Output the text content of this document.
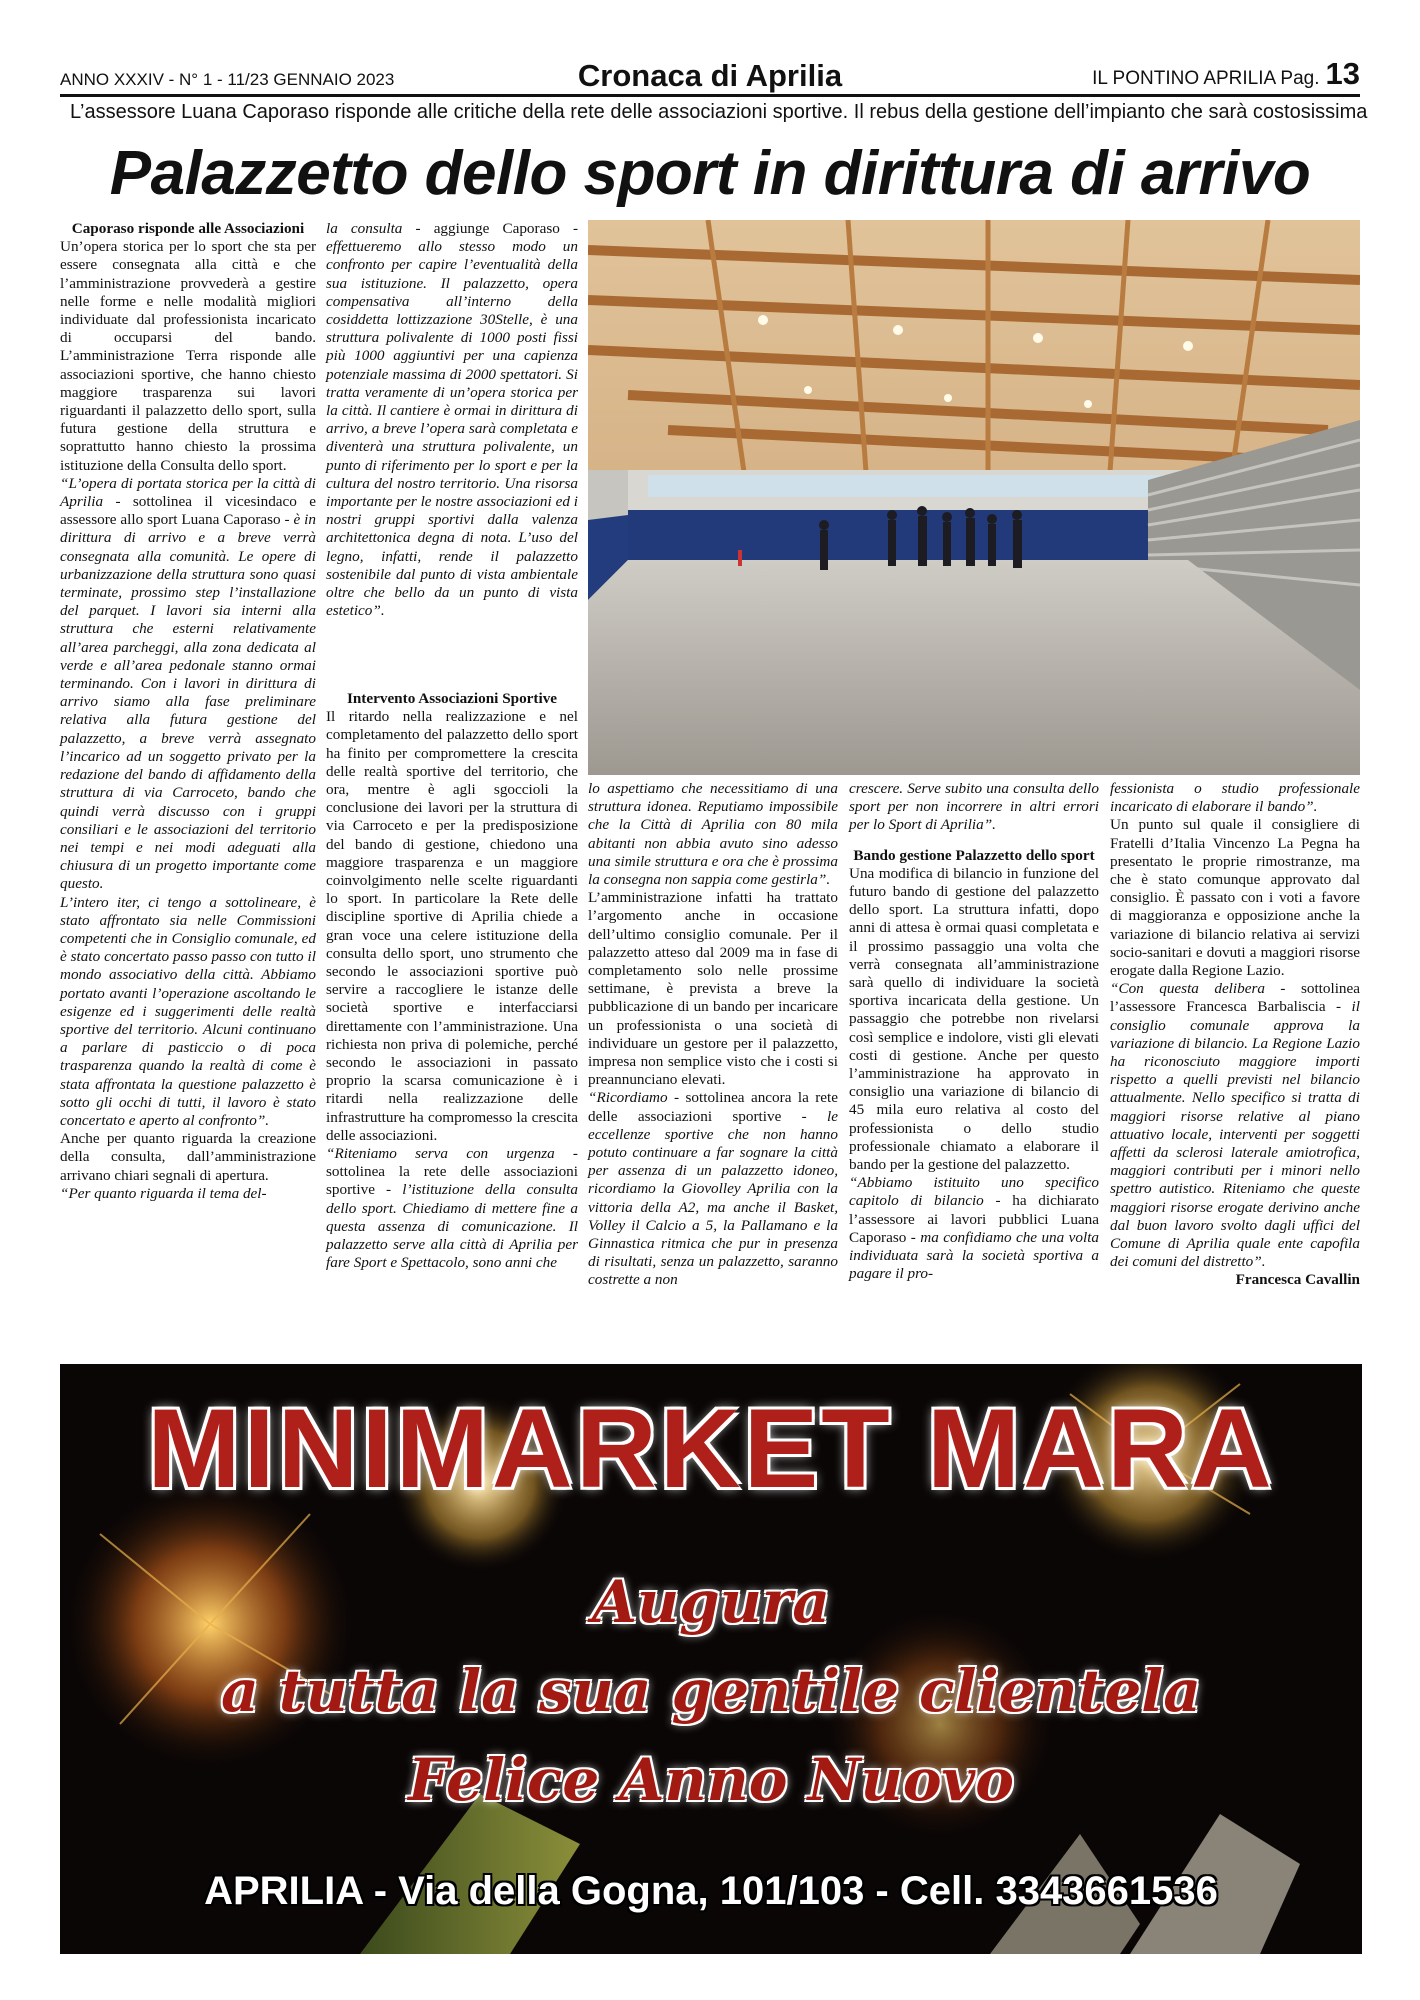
ANNO XXXIV - N° 1 - 11/23 GENNAIO 2023	Cronaca di Aprilia	IL PONTINO APRILIA Pag. 13
L’assessore Luana Caporaso risponde alle critiche della rete delle associazioni sportive. Il rebus della gestione dell’impianto che sarà costosissima
Palazzetto dello sport in dirittura di arrivo

Caporaso risponde alle Associazioni

Un’opera storica per lo sport che sta per essere consegnata alla città e che l’amministrazione provvederà a gestire nelle forme e nelle modalità migliori individuate dal professionista incaricato di occuparsi del bando. L’amministrazione Terra risponde alle associazioni sportive, che hanno chiesto maggiore trasparenza sui lavori riguardanti il palazzetto dello sport, sulla futura gestione della struttura e soprattutto hanno chiesto la prossima istituzione della Consulta dello sport.

“L’opera di portata storica per la città di Aprilia - sottolinea il vicesindaco e assessore allo sport Luana Caporaso - è in dirittura di arrivo e a breve verrà consegnata alla comunità. Le opere di urbanizzazione della struttura sono quasi terminate, prossimo step l’installazione del parquet. I lavori sia interni alla struttura che esterni relativamente all’area parcheggi, alla zona dedicata al verde e all’area pedonale stanno ormai terminando. Con i lavori in dirittura di arrivo siamo alla fase preliminare relativa alla futura gestione del palazzetto, a breve verrà assegnato l’incarico ad un soggetto privato per la redazione del bando di affidamento della struttura di via Carroceto, bando che quindi verrà discusso con i gruppi consiliari e le associazioni del territorio nei tempi e nei modi adeguati alla chiusura di un progetto importante come questo.

L’intero iter, ci tengo a sottolineare, è stato affrontato sia nelle Commissioni competenti che in Consiglio comunale, ed è stato concertato passo passo con tutto il mondo associativo della città. Abbiamo portato avanti l’operazione ascoltando le esigenze ed i suggerimenti delle realtà sportive del territorio. Alcuni continuano a parlare di pasticcio o di poca trasparenza quando la realtà di come è stata affrontata la questione palazzetto è sotto gli occhi di tutti, il lavoro è stato concertato e aperto al confronto”.

Anche per quanto riguarda la creazione della consulta, dall’amministrazione arrivano chiari segnali di apertura.

“Per quanto riguarda il tema del-

la consulta - aggiunge Caporaso - effettueremo allo stesso modo un confronto per capire l’eventualità della sua istituzione. Il palazzetto, opera compensativa all’interno della cosiddetta lottizzazione 30Stelle, è una struttura polivalente di 1000 posti fissi più 1000 aggiuntivi per una capienza potenziale massima di 2000 spettatori. Si tratta veramente di un’opera storica per la città. Il cantiere è ormai in dirittura di arrivo, a breve l’opera sarà completata e diventerà una struttura polivalente, un punto di riferimento per lo sport e per la cultura del nostro territorio. Una risorsa importante per le nostre associazioni ed i nostri gruppi sportivi dalla valenza architettonica degna di nota. L’uso del legno, infatti, rende il palazzetto sostenibile dal punto di vista ambientale oltre che bello da un punto di vista estetico”.

Intervento Associazioni Sportive

Il ritardo nella realizzazione e nel completamento del palazzetto dello sport ha finito per compromettere la crescita delle realtà sportive del territorio, che ora, mentre è agli sgoccioli la conclusione dei lavori per la struttura di via Carroceto e per la predisposizione del bando di gestione, chiedono una maggiore trasparenza e un maggiore coinvolgimento nelle scelte riguardanti lo sport. In particolare la Rete delle discipline sportive di Aprilia chiede a gran voce una celere istituzione della consulta dello sport, uno strumento che secondo le associazioni sportive può servire a raccogliere le istanze delle società sportive e interfacciarsi direttamente con l’amministrazione. Una richiesta non priva di polemiche, perché secondo le associazioni in passato proprio la scarsa comunicazione è i ritardi nella realizzazione delle infrastrutture ha compromesso la crescita delle associazioni.

“Riteniamo serva con urgenza - sottolinea la rete delle associazioni sportive - l’istituzione della consulta dello sport. Chiediamo di mettere fine a questa assenza di comunicazione. Il palazzetto serve alla città di Aprilia per fare Sport e Spettacolo, sono anni che

lo aspettiamo che necessitiamo di una struttura idonea. Reputiamo impossibile che la Città di Aprilia con 80 mila abitanti non abbia avuto sino adesso una simile struttura e ora che è prossima la consegna non sappia come gestirla”.

L’amministrazione infatti ha trattato l’argomento anche in occasione dell’ultimo consiglio comunale. Per il palazzetto atteso dal 2009 ma in fase di completamento solo nelle prossime settimane, è prevista a breve la pubblicazione di un bando per incaricare un professionista o una società di individuare un gestore per il palazzetto, impresa non semplice visto che i costi si preannunciano elevati.

“Ricordiamo - sottolinea ancora la rete delle associazioni sportive - le eccellenze sportive che non hanno potuto continuare a far sognare la città per assenza di un palazzetto idoneo, ricordiamo la Giovolley Aprilia con la vittoria della A2, ma anche il Basket, Volley il Calcio a 5, la Pallamano e la Ginnastica ritmica che pur in presenza di risultati, senza un palazzetto, saranno costrette a non

crescere. Serve subito una consulta dello sport per non incorrere in altri errori per lo Sport di Aprilia”.

Bando gestione Palazzetto dello sport

Una modifica di bilancio in funzione del futuro bando di gestione del palazzetto dello sport. La struttura infatti, dopo anni di attesa è ormai quasi completata e il prossimo passaggio una volta che verrà consegnata all’amministrazione sarà quello di individuare la società sportiva incaricata della gestione. Un passaggio che potrebbe non rivelarsi così semplice e indolore, visti gli elevati costi di gestione. Anche per questo l’amministrazione ha approvato in consiglio una variazione di bilancio di 45 mila euro relativa al costo del professionista o dello studio professionale chiamato a elaborare il bando per la gestione del palazzetto.

“Abbiamo istituito uno specifico capitolo di bilancio - ha dichiarato l’assessore ai lavori pubblici Luana Caporaso - ma confidiamo che una volta individuata sarà la società sportiva a pagare il pro-

fessionista o studio professionale incaricato di elaborare il bando”.

Un punto sul quale il consigliere di Fratelli d’Italia Vincenzo La Pegna ha presentato le proprie rimostranze, ma che è stato comunque approvato dal consiglio. È passato con i voti a favore di maggioranza e opposizione anche la variazione di bilancio relativa ai servizi socio-sanitari e dovuti a maggiori risorse erogate dalla Regione Lazio.

“Con questa delibera - sottolinea l’assessore Francesca Barbaliscia - il consiglio comunale approva la variazione di bilancio. La Regione Lazio ha riconosciuto maggiore importi rispetto a quelli previsti nel bilancio attualmente. Nello specifico si tratta di maggiori risorse relative al piano attuativo locale, interventi per soggetti affetti da sclerosi laterale amiotrofica, maggiori contributi per i minori nello spettro autistico. Riteniamo che queste maggiori risorse erogate derivino anche dal buon lavoro svolto dagli uffici del Comune di Aprilia quale ente capofila dei comuni del distretto”.

Francesca Cavallin

MINIMARKET MARA
Augura
a tutta la sua gentile clientela
Felice Anno Nuovo
APRILIA - Via della Gogna, 101/103 - Cell. 3343661536
